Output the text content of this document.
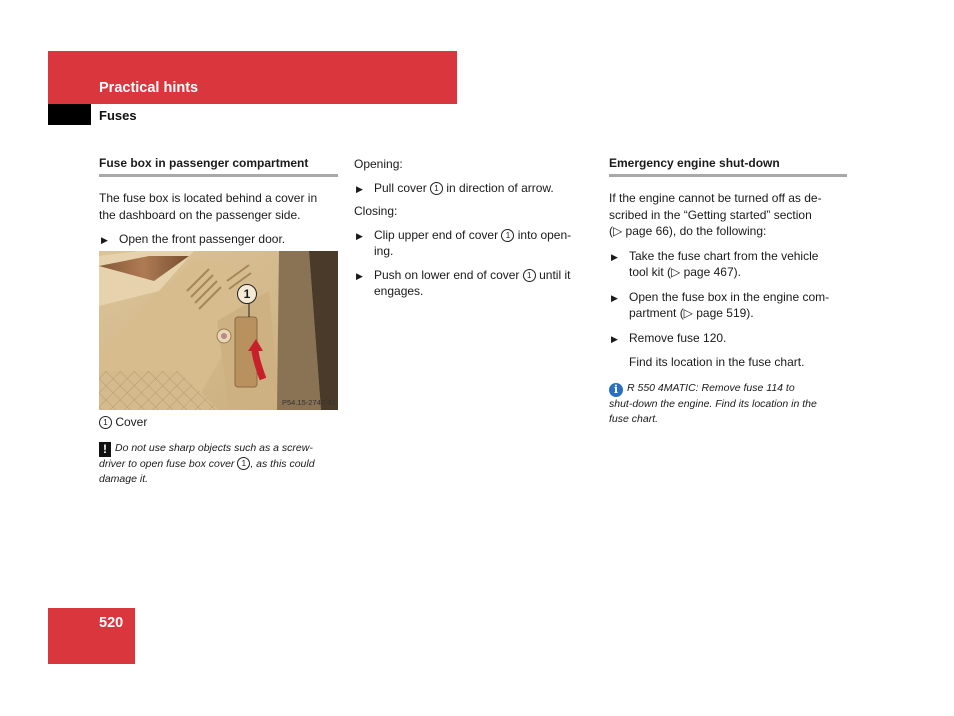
Practical hints
Fuses
Fuse box in passenger compartment
The fuse box is located behind a cover in
the dashboard on the passenger side.
▶ Open the front passenger door.
1
P54.15-2747-31
1 Cover
! Do not use sharp objects such as a screw-
driver to open fuse box cover 1 , as this could
damage it.
Opening:
▶ Pull cover 1 in direction of arrow.
Closing:
▶ Clip upper end of cover 1 into open-
ing.
▶ Push on lower end of cover 1 until it
engages.
Emergency engine shut-down
If the engine cannot be turned off as de-
scribed in the “Getting started” section
(▷ page 66), do the following:
▶ Take the fuse chart from the vehicle
tool kit (▷ page 467).
▶ Open the fuse box in the engine com-
partment (▷ page 519).
▶ Remove fuse 120.
Find its location in the fuse chart.
i R 550 4MATIC: Remove fuse 114 to
shut-down the engine. Find its location in the
fuse chart.
520
